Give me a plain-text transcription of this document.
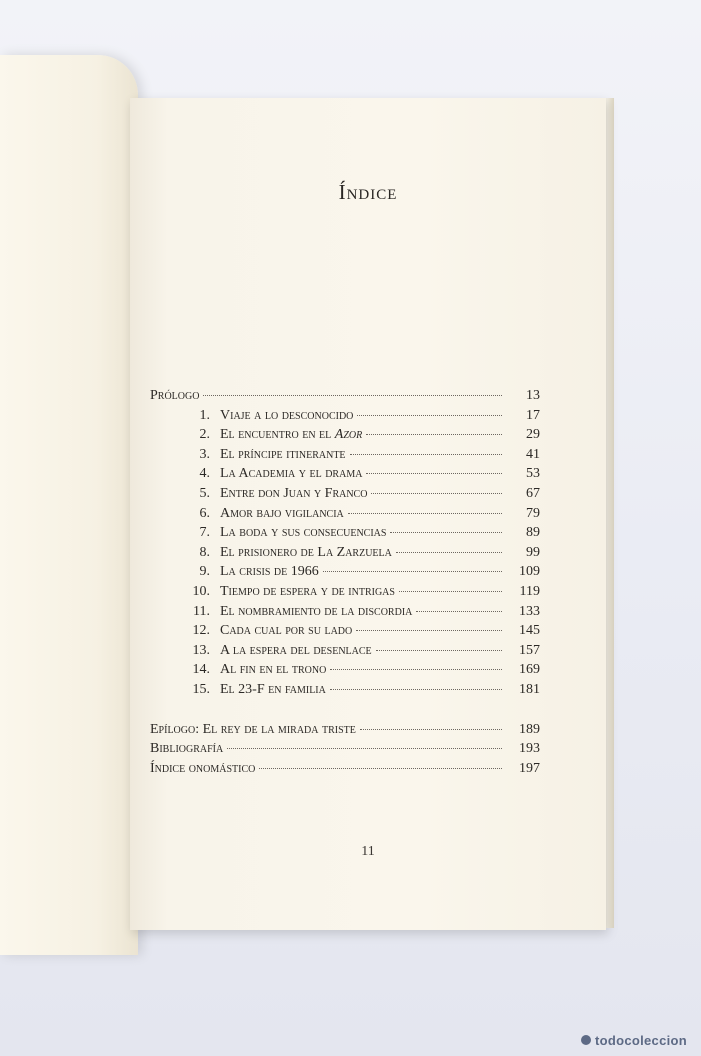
Índice
Prólogo	13
1. Viaje a lo desconocido	17
2. El encuentro en el Azor	29
3. El príncipe itinerante	41
4. La Academia y el drama	53
5. Entre don Juan y Franco	67
6. Amor bajo vigilancia	79
7. La boda y sus consecuencias	89
8. El prisionero de La Zarzuela	99
9. La crisis de 1966	109
10. Tiempo de espera y de intrigas	119
11. El nombramiento de la discordia	133
12. Cada cual por su lado	145
13. A la espera del desenlace	157
14. Al fin en el trono	169
15. El 23-F en familia	181
Epílogo: El rey de la mirada triste	189
Bibliografía	193
Índice onomástico	197
11
todocoleccion
